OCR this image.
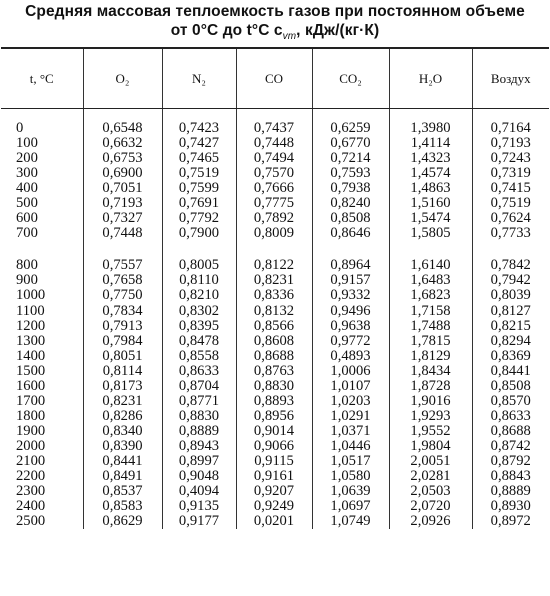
Средняя массовая теплоемкость газов при постоянном объеме
от 0°С до t°С $c_{vm}$, кДж/(кг·К)
t, °C	O₂	N₂	CO	CO₂	H₂O	Воздух

0	0,6548	0,7423	0,7437	0,6259	1,3980	0,7164
100	0,6632	0,7427	0,7448	0,6770	1,4114	0,7193
200	0,6753	0,7465	0,7494	0,7214	1,4323	0,7243
300	0,6900	0,7519	0,7570	0,7593	1,4574	0,7319
400	0,7051	0,7599	0,7666	0,7938	1,4863	0,7415
500	0,7193	0,7691	0,7775	0,8240	1,5160	0,7519
600	0,7327	0,7792	0,7892	0,8508	1,5474	0,7624
700	0,7448	0,7900	0,8009	0,8646	1,5805	0,7733

800	0,7557	0,8005	0,8122	0,8964	1,6140	0,7842
900	0,7658	0,8110	0,8231	0,9157	1,6483	0,7942
1000	0,7750	0,8210	0,8336	0,9332	1,6823	0,8039
1100	0,7834	0,8302	0,8132	0,9496	1,7158	0,8127
1200	0,7913	0,8395	0,8566	0,9638	1,7488	0,8215
1300	0,7984	0,8478	0,8608	0,9772	1,7815	0,8294
1400	0,8051	0,8558	0,8688	0,4893	1,8129	0,8369
1500	0,8114	0,8633	0,8763	1,0006	1,8434	0,8441
1600	0,8173	0,8704	0,8830	1,0107	1,8728	0,8508
1700	0,8231	0,8771	0,8893	1,0203	1,9016	0,8570
1800	0,8286	0,8830	0,8956	1,0291	1,9293	0,8633
1900	0,8340	0,8889	0,9014	1,0371	1,9552	0,8688
2000	0,8390	0,8943	0,9066	1,0446	1,9804	0,8742
2100	0,8441	0,8997	0,9115	1,0517	2,0051	0,8792
2200	0,8491	0,9048	0,9161	1,0580	2,0281	0,8843
2300	0,8537	0,4094	0,9207	1,0639	2,0503	0,8889
2400	0,8583	0,9135	0,9249	1,0697	2,0720	0,8930
2500	0,8629	0,9177	0,0201	1,0749	2,0926	0,8972
